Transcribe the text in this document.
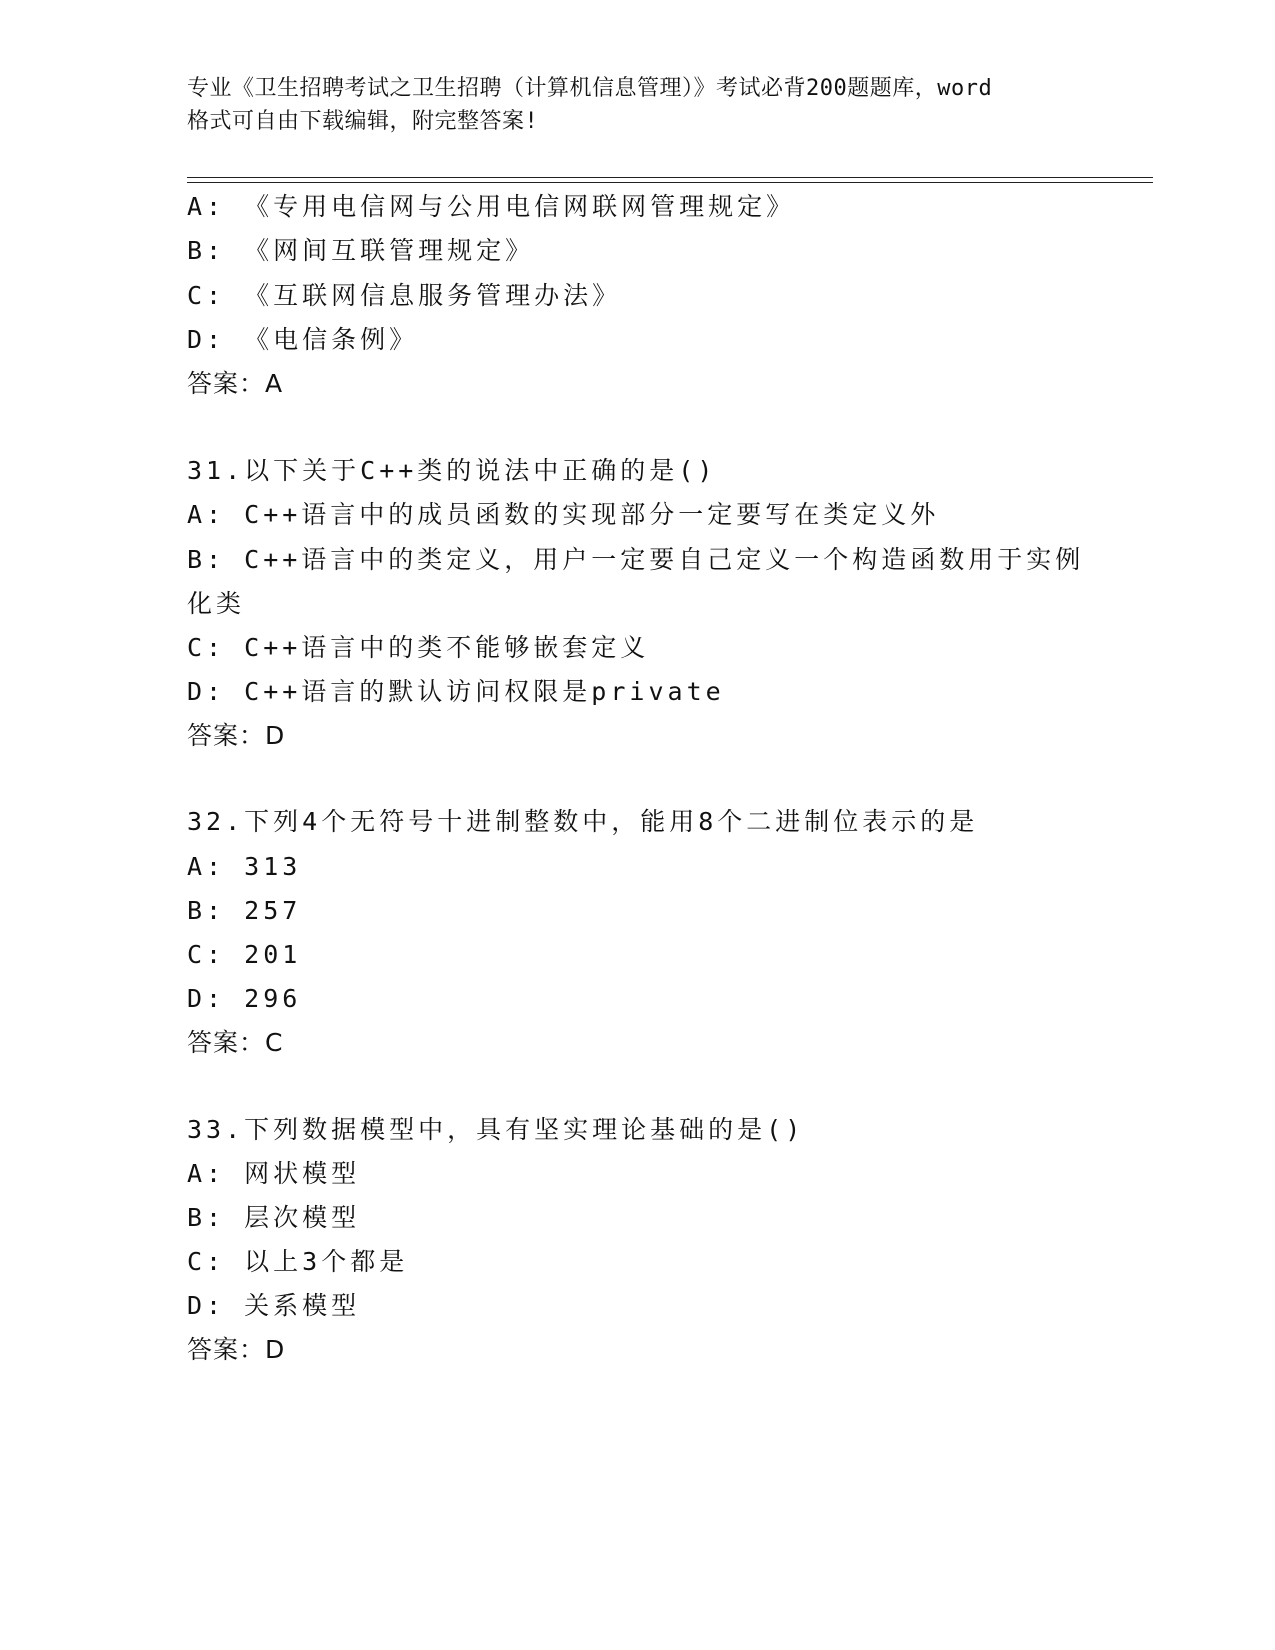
专业《卫生招聘考试之卫生招聘（计算机信息管理）》考试必背200题题库，word
格式可自由下载编辑，附完整答案!
A: 《专用电信网与公用电信网联网管理规定》
B: 《网间互联管理规定》
C: 《互联网信息服务管理办法》
D: 《电信条例》
答案：A
31.以下关于C++类的说法中正确的是()
A: C++语言中的成员函数的实现部分一定要写在类定义外
B: C++语言中的类定义，用户一定要自己定义一个构造函数用于实例
化类
C: C++语言中的类不能够嵌套定义
D: C++语言的默认访问权限是private
答案：D
32.下列4个无符号十进制整数中，能用8个二进制位表示的是
A: 313
B: 257
C: 201
D: 296
答案：C
33.下列数据模型中，具有坚实理论基础的是()
A: 网状模型
B: 层次模型
C: 以上3个都是
D: 关系模型
答案：D
